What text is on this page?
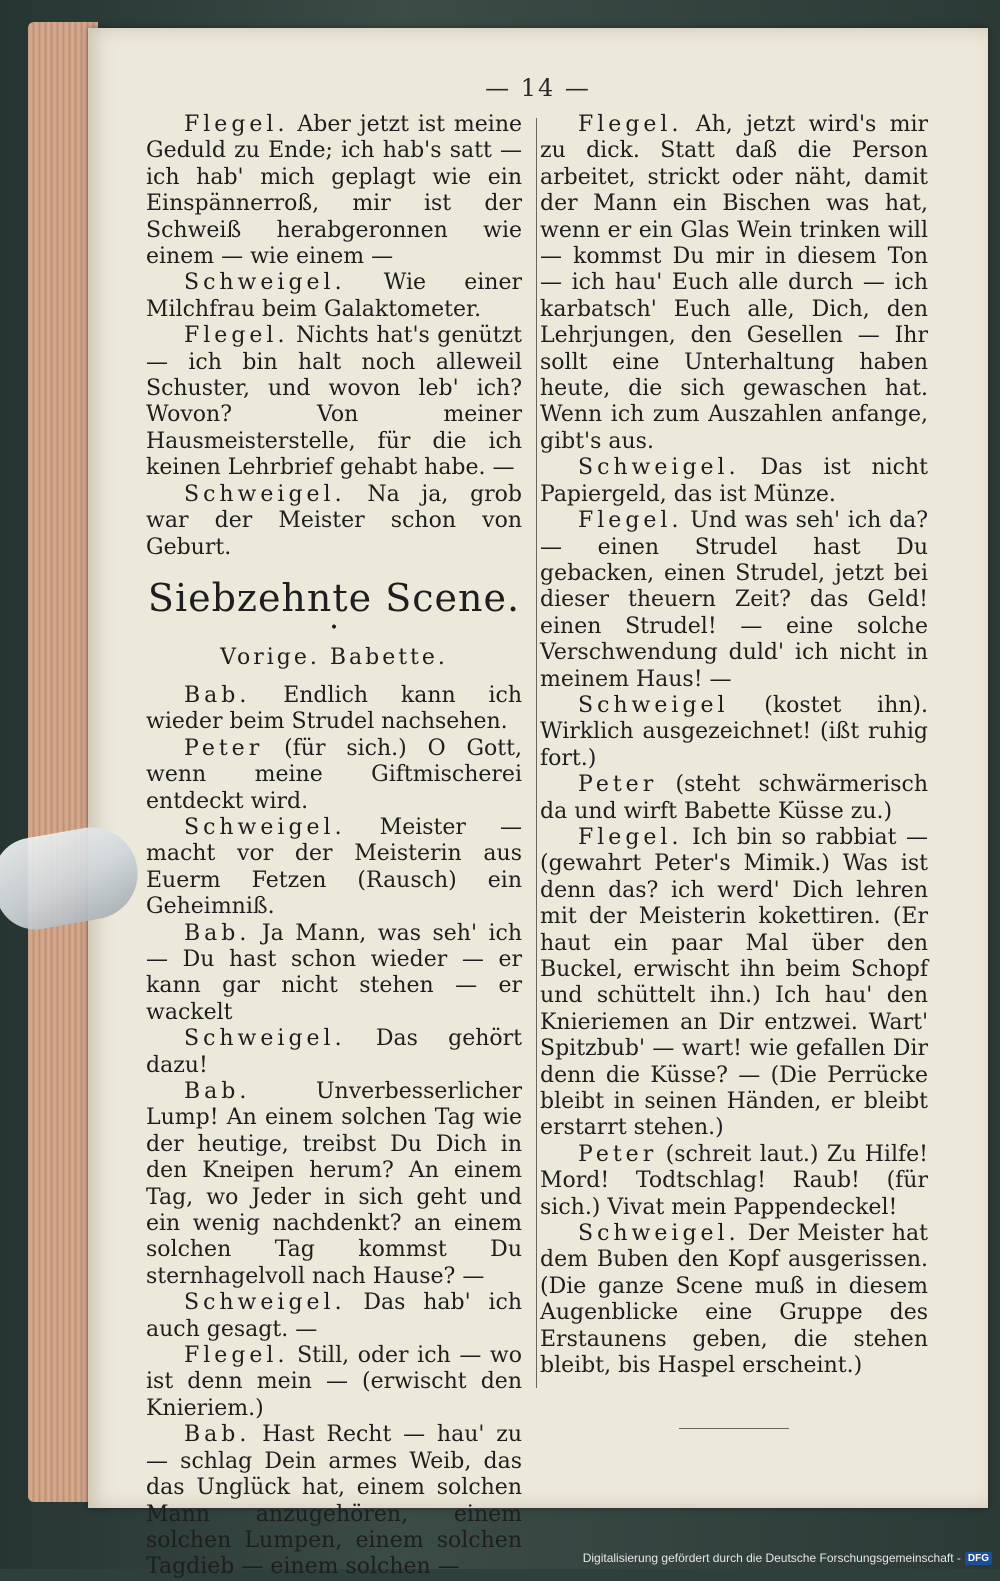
— 14 —

Flegel. Aber jetzt ist meine Geduld zu Ende; ich hab's satt — ich hab' mich geplagt wie ein Einspännerroß, mir ist der Schweiß herabgeronnen wie einem — wie einem —

Schweigel. Wie einer Milchfrau beim Galaktometer.

Flegel. Nichts hat's genützt — ich bin halt noch alleweil Schuster, und wovon leb' ich? Wovon? Von meiner Hausmeisterstelle, für die ich keinen Lehrbrief gehabt habe. —

Schweigel. Na ja, grob war der Meister schon von Geburt.

Siebzehnte Scene.
•
Vorige. Babette.

Bab. Endlich kann ich wieder beim Strudel nachsehen.

Peter (für sich.) O Gott, wenn meine Giftmischerei entdeckt wird.

Schweigel. Meister — macht vor der Meisterin aus Euerm Fetzen (Rausch) ein Geheimniß.

Bab. Ja Mann, was seh' ich — Du hast schon wieder — er kann gar nicht stehen — er wackelt

Schweigel. Das gehört dazu!

Bab.	Unverbesserlicher Lump! An einem solchen Tag wie der heutige, treibst Du Dich in den Kneipen herum? An einem Tag, wo Jeder in sich geht und ein wenig nachdenkt? an einem solchen Tag kommst Du sternhagelvoll nach Hause? —

Schweigel. Das hab' ich auch gesagt. —

Flegel. Still, oder ich — wo ist denn mein — (erwischt den Knieriem.)

Bab. Hast Recht — hau' zu — schlag Dein armes Weib, das das Unglück hat, einem solchen Mann anzugehören, einem solchen Lumpen, einem solchen Tagdieb — einem solchen —

Flegel. Ah, jetzt wird's mir zu dick. Statt daß die Person arbeitet, strickt oder näht, damit der Mann ein Bischen was hat, wenn er ein Glas Wein trinken will — kommst Du mir in diesem Ton — ich hau' Euch alle durch — ich karbatsch' Euch alle, Dich, den Lehrjungen, den Gesellen — Ihr sollt eine Unterhaltung haben heute, die sich gewaschen hat. Wenn ich zum Auszahlen anfange, gibt's aus.

Schweigel. Das ist nicht Papiergeld, das ist Münze.

Flegel. Und was seh' ich da? — einen Strudel hast Du gebacken, einen Strudel, jetzt bei dieser theuern Zeit? das Geld! einen Strudel! — eine solche Verschwendung duld' ich nicht in meinem Haus! —

Schweigel (kostet ihn). Wirklich ausgezeichnet! (ißt ruhig fort.)

Peter (steht schwärmerisch da und wirft Babette Küsse zu.)

Flegel. Ich bin so rabbiat — (gewahrt Peter's Mimik.) Was ist denn das? ich werd' Dich lehren mit der Meisterin kokettiren. (Er haut ein paar Mal über den Buckel, erwischt ihn beim Schopf und schüttelt ihn.) Ich hau' den Knieriemen an Dir entzwei. Wart' Spitzbub' — wart! wie gefallen Dir denn die Küsse? — (Die Perrücke bleibt in seinen Händen, er bleibt erstarrt stehen.)

Peter (schreit laut.) Zu Hilfe! Mord! Todtschlag! Raub! (für sich.) Vivat mein Pappendeckel!

Schweigel. Der Meister hat dem Buben den Kopf ausgerissen. (Die ganze Scene muß in diesem Augenblicke eine Gruppe des Erstaunens geben, die stehen bleibt, bis Haspel erscheint.)

Digitalisierung gefördert durch die Deutsche Forschungsgemeinschaft - DFG
